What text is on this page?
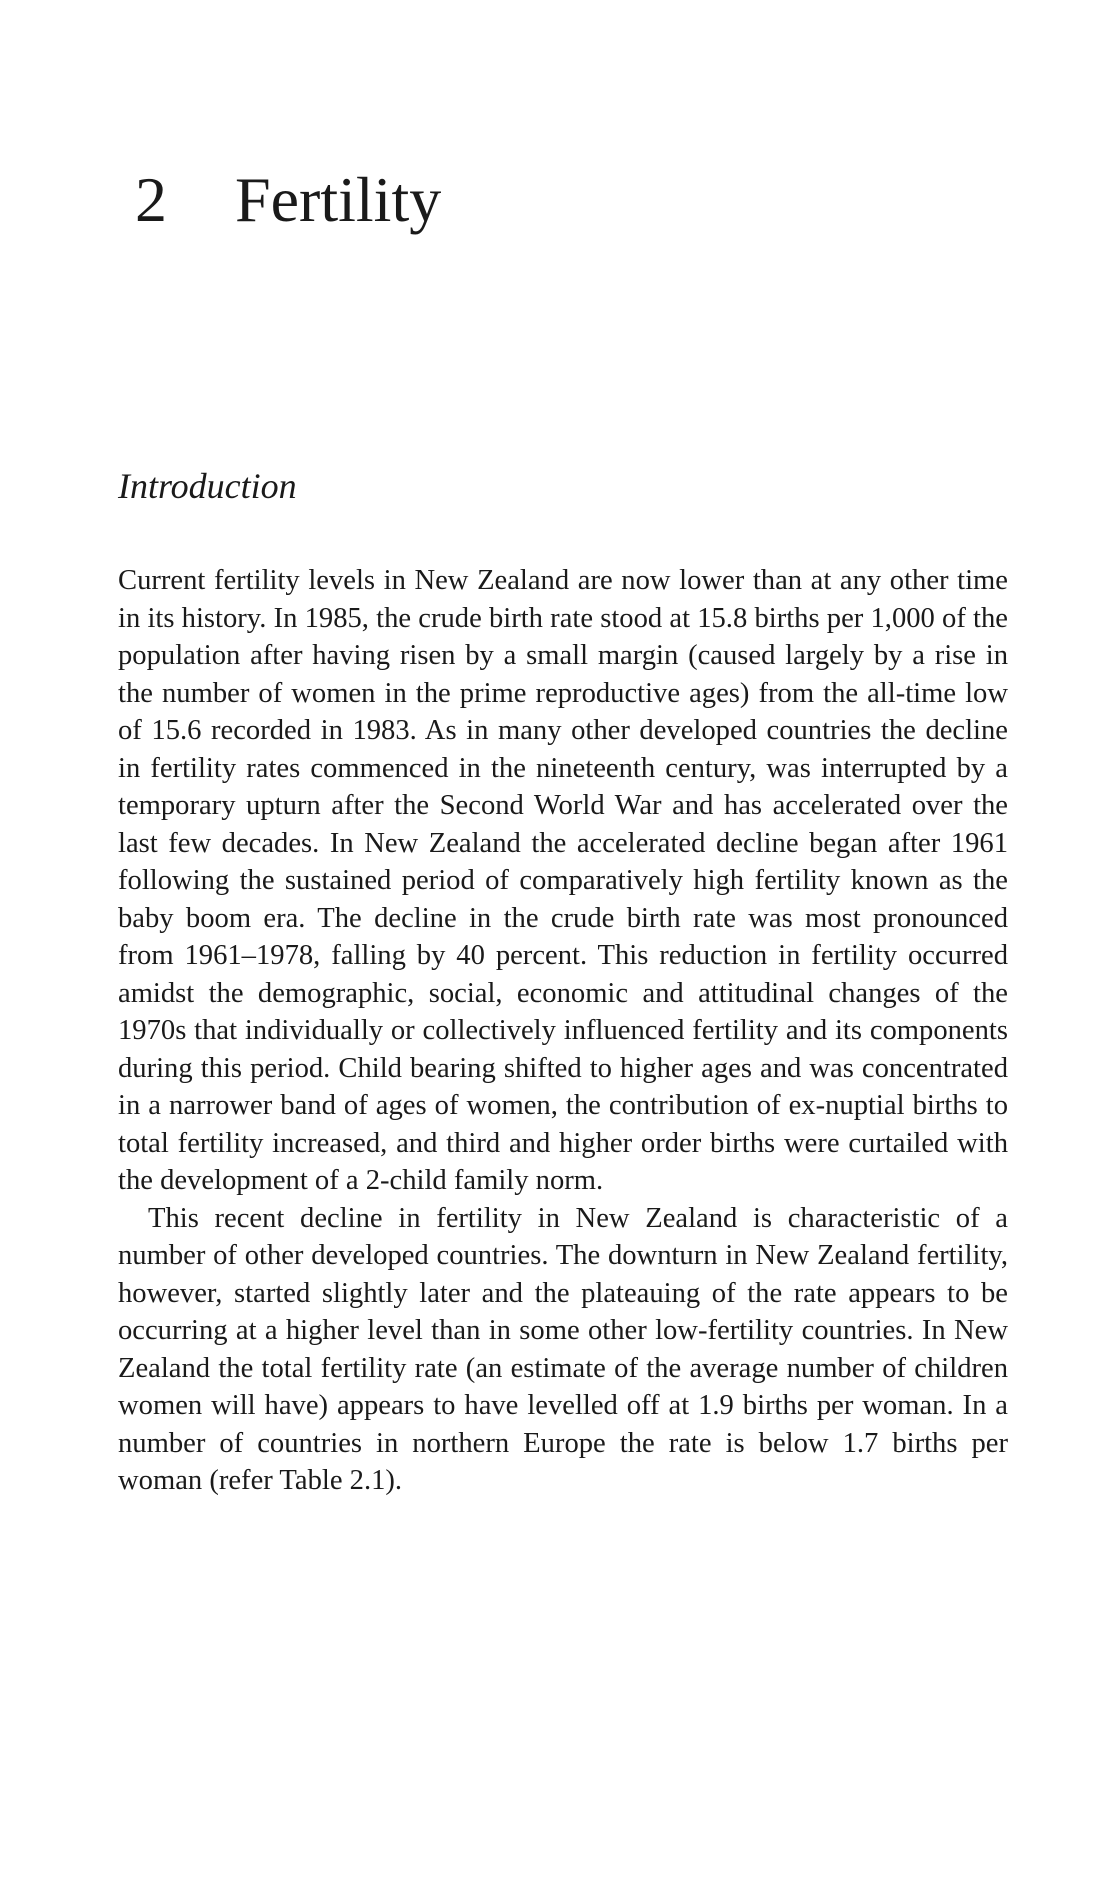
2 Fertility
Introduction

Current fertility levels in New Zealand are now lower than at any other time in its history. In 1985, the crude birth rate stood at 15.8 births per 1,000 of the population after having risen by a small margin (caused largely by a rise in the number of women in the prime reproductive ages) from the all-time low of 15.6 recorded in 1983. As in many other developed countries the decline in fertility rates commenced in the nineteenth century, was interrupted by a temporary upturn after the Second World War and has accelerated over the last few decades. In New Zealand the accelerated decline began after 1961 following the sustained period of comparatively high fertility known as the baby boom era. The decline in the crude birth rate was most pronounced from 1961–1978, falling by 40 percent. This reduction in fertility occurred amidst the demographic, social, economic and attitudinal changes of the 1970s that individually or collectively influenced fertility and its components during this period. Child bearing shifted to higher ages and was concentrated in a narrower band of ages of women, the contribution of ex-nuptial births to total fertility increased, and third and higher order births were curtailed with the development of a 2-child family norm.

This recent decline in fertility in New Zealand is characteristic of a number of other developed countries. The downturn in New Zealand fertility, however, started slightly later and the plateauing of the rate appears to be occurring at a higher level than in some other low-fertility countries. In New Zealand the total fertility rate (an estimate of the average number of children women will have) appears to have levelled off at 1.9 births per woman. In a number of countries in northern Europe the rate is below 1.7 births per woman (refer Table 2.1).
